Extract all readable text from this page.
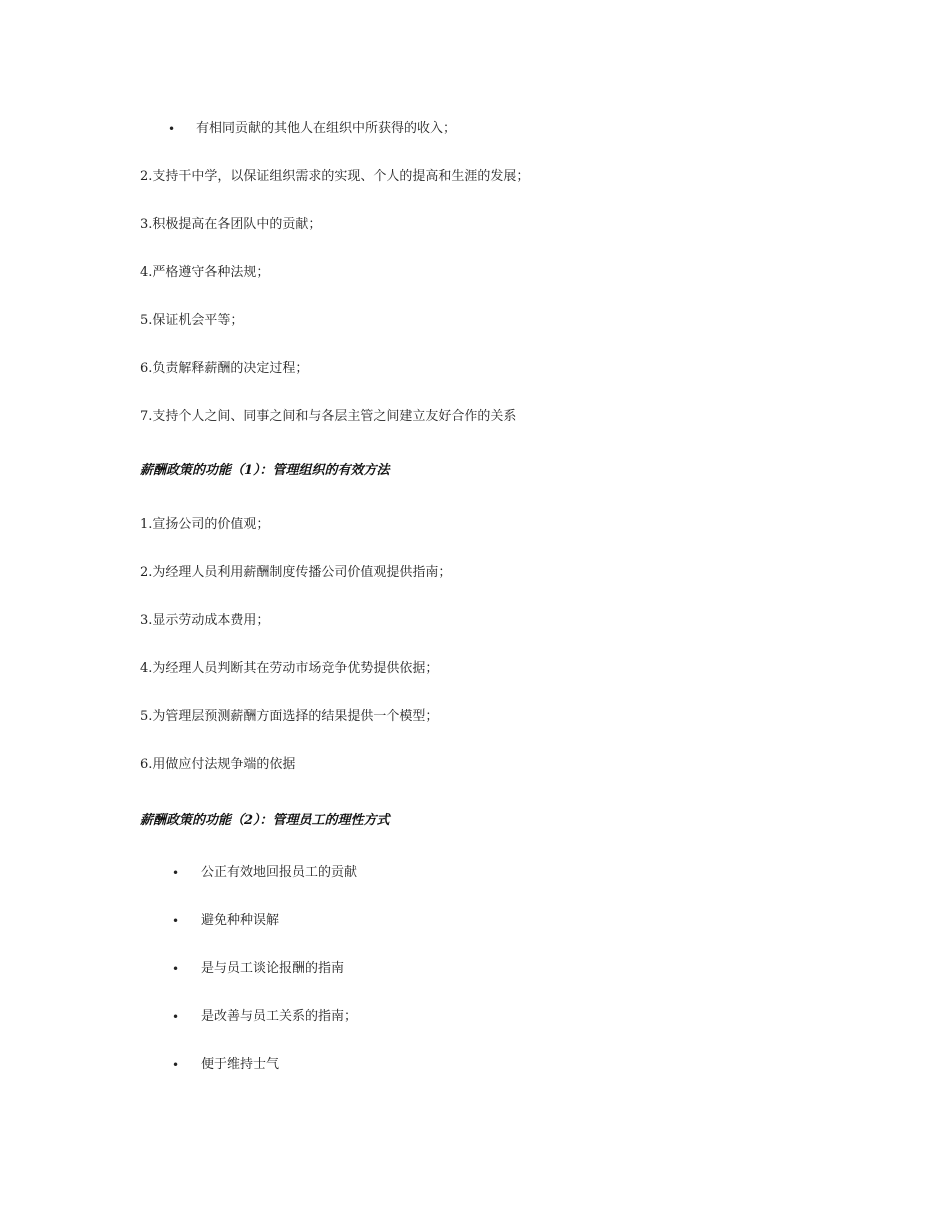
• 有相同贡献的其他人在组织中所获得的收入；
2.支持干中学，以保证组织需求的实现、个人的提高和生涯的发展；
3.积极提高在各团队中的贡献；
4.严格遵守各种法规；
5.保证机会平等；
6.负责解释薪酬的决定过程；
7.支持个人之间、同事之间和与各层主管之间建立友好合作的关系
薪酬政策的功能（1）：管理组织的有效方法
1.宣扬公司的价值观；
2.为经理人员利用薪酬制度传播公司价值观提供指南；
3.显示劳动成本费用；
4.为经理人员判断其在劳动市场竞争优势提供依据；
5.为管理层预测薪酬方面选择的结果提供一个模型；
6.用做应付法规争端的依据
薪酬政策的功能（2）：管理员工的理性方式
• 公正有效地回报员工的贡献
• 避免种种误解
• 是与员工谈论报酬的指南
• 是改善与员工关系的指南；
• 便于维持士气
